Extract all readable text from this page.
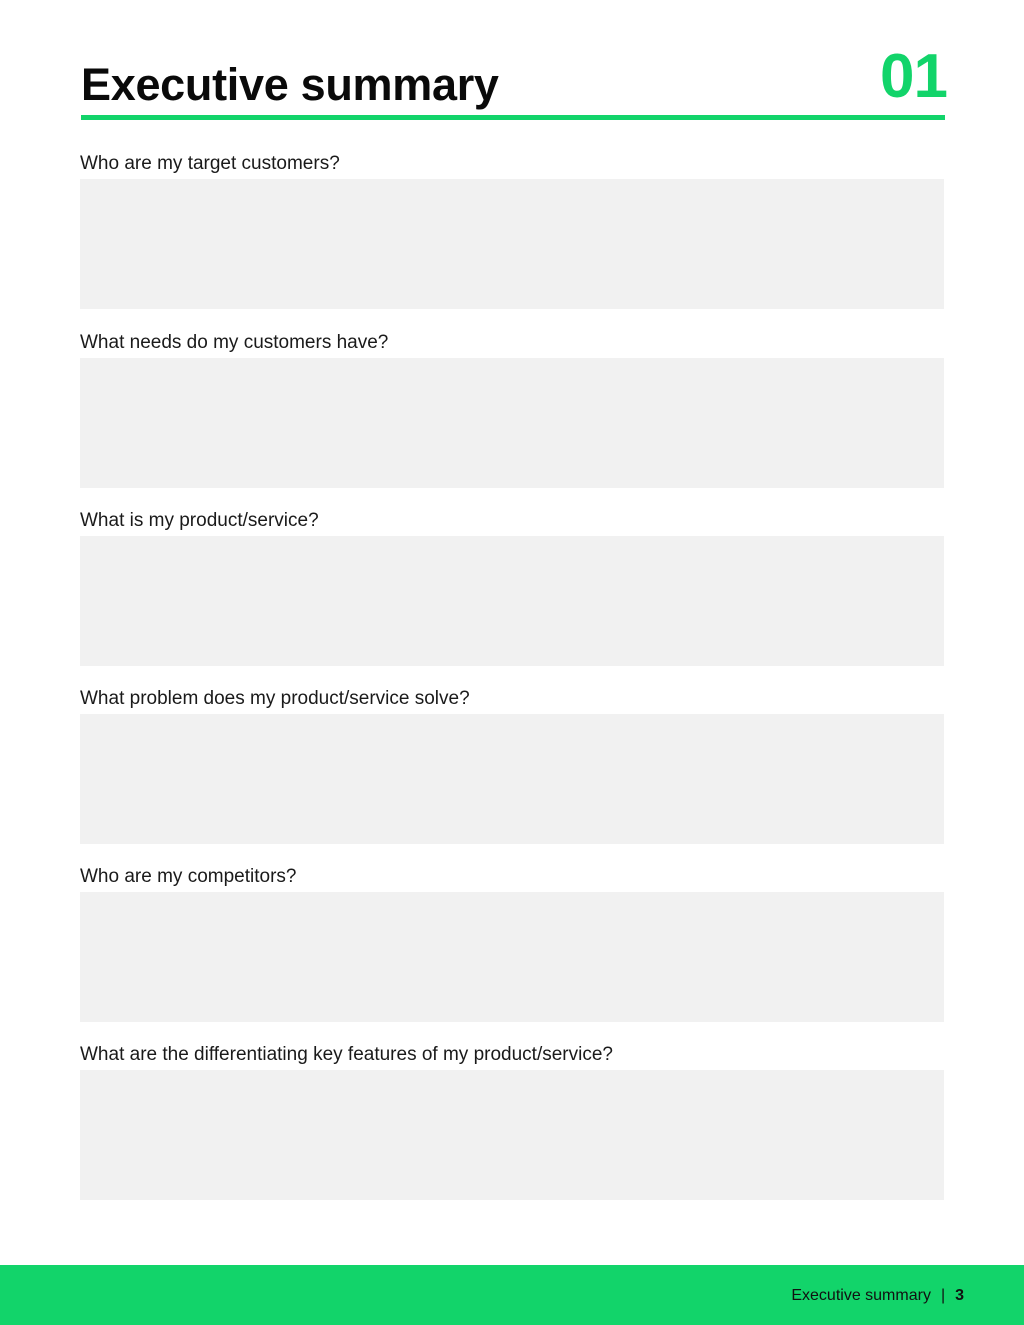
Executive summary	01
Who are my target customers?
What needs do my customers have?
What is my product/service?
What problem does my product/service solve?
Who are my competitors?
What are the differentiating key features of my product/service?
Executive summary | 3
